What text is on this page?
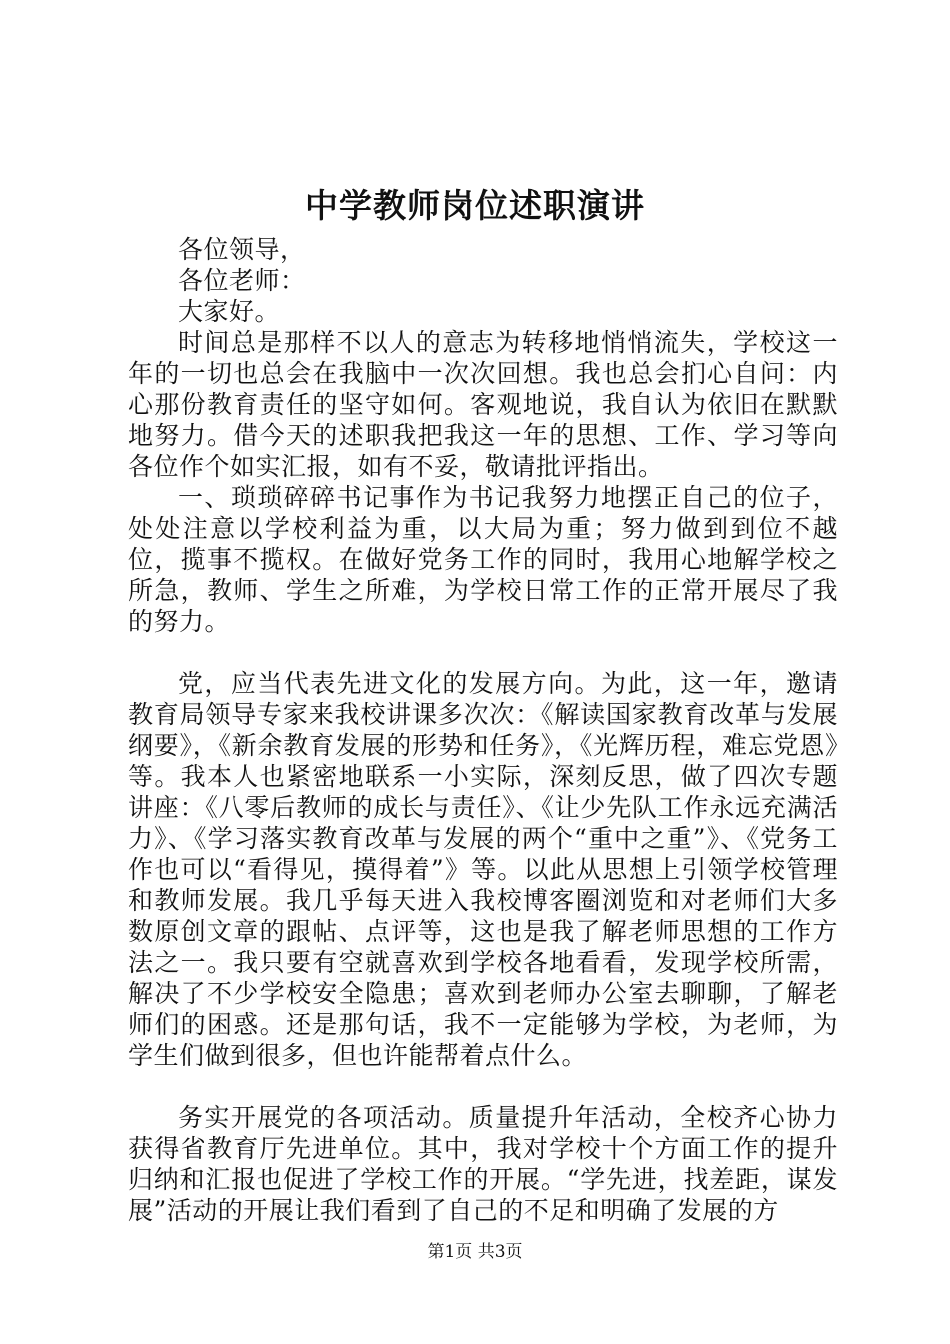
中学教师岗位述职演讲

各位领导，

各位老师：

大家好。

时间总是那样不以人的意志为转移地悄悄流失，学校这一年的一切也总会在我脑中一次次回想。我也总会扪心自问：内心那份教育责任的坚守如何。客观地说，我自认为依旧在默默地努力。借今天的述职我把我这一年的思想、工作、学习等向各位作个如实汇报，如有不妥，敬请批评指出。

一、琐琐碎碎书记事作为书记我努力地摆正自己的位子，处处注意以学校利益为重，以大局为重；努力做到到位不越位，揽事不揽权。在做好党务工作的同时，我用心地解学校之所急，教师、学生之所难，为学校日常工作的正常开展尽了我的努力。

党，应当代表先进文化的发展方向。为此，这一年，邀请教育局领导专家来我校讲课多次次：《解读国家教育改革与发展纲要》，《新余教育发展的形势和任务》，《光辉历程，难忘党恩》等。我本人也紧密地联系一小实际，深刻反思，做了四次专题讲座：《八零后教师的成长与责任》、《让少先队工作永远充满活力》、《学习落实教育改革与发展的两个“重中之重”》、《党务工作也可以“看得见，摸得着”》等。以此从思想上引领学校管理和教师发展。我几乎每天进入我校博客圈浏览和对老师们大多数原创文章的跟帖、点评等，这也是我了解老师思想的工作方法之一。我只要有空就喜欢到学校各地看看，发现学校所需，解决了不少学校安全隐患；喜欢到老师办公室去聊聊，了解老师们的困惑。还是那句话，我不一定能够为学校，为老师，为学生们做到很多，但也许能帮着点什么。

务实开展党的各项活动。质量提升年活动，全校齐心协力获得省教育厅先进单位。其中，我对学校十个方面工作的提升归纳和汇报也促进了学校工作的开展。“学先进，找差距，谋发展”活动的开展让我们看到了自己的不足和明确了发展的方

第1页 共3页
